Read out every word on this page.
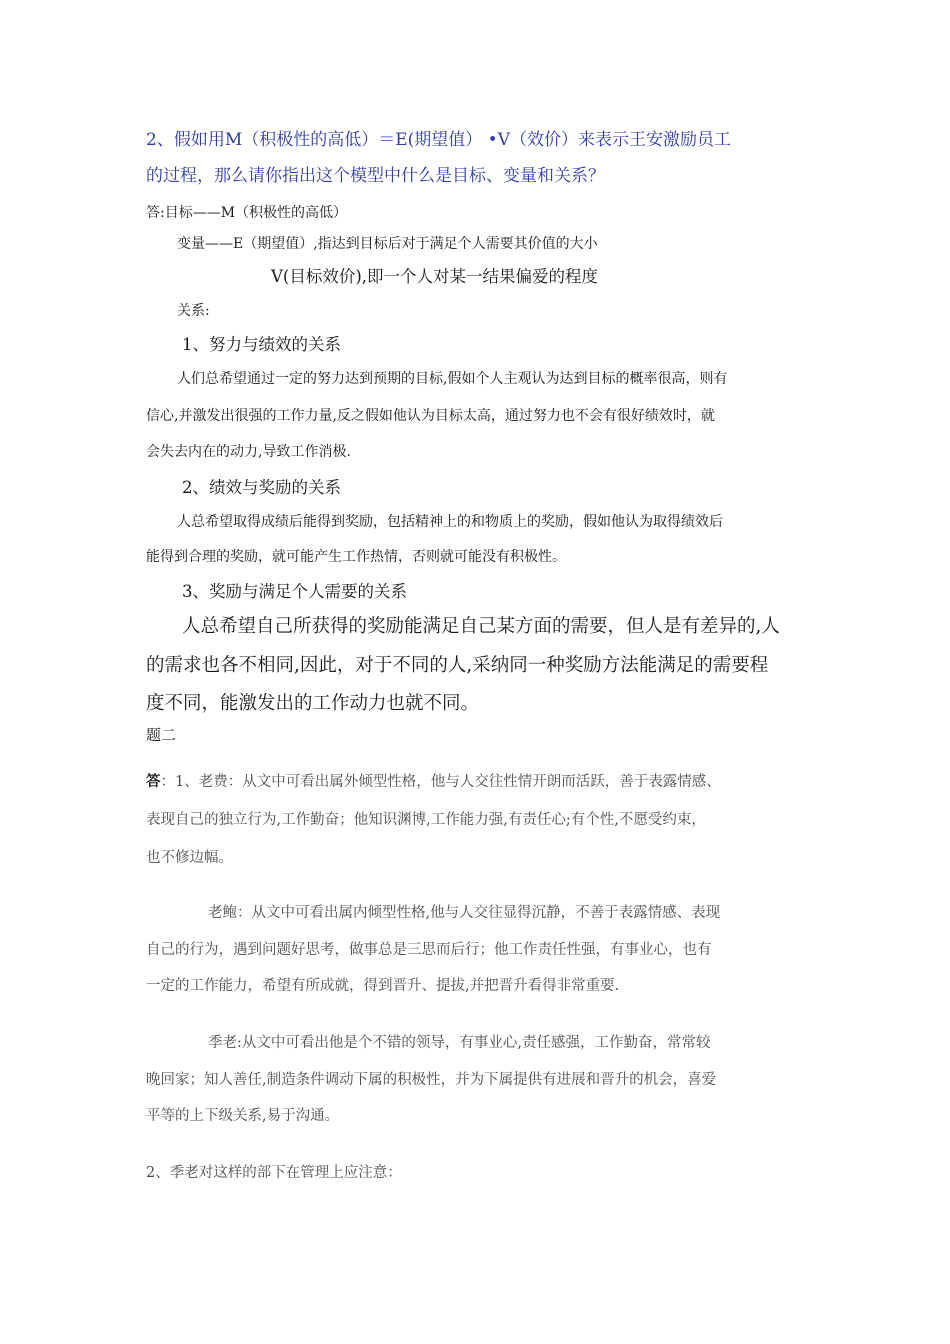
2、假如用M（积极性的高低）＝E(期望值） •V（效价）来表示王安激励员工

的过程，那么请你指出这个模型中什么是目标、变量和关系？

答:目标——M（积极性的高低）

变量——E（期望值）,指达到目标后对于满足个人需要其价值的大小

V(目标效价),即一个人对某一结果偏爱的程度

关系:

1、努力与绩效的关系

人们总希望通过一定的努力达到预期的目标,假如个人主观认为达到目标的概率很高，则有

信心,并激发出很强的工作力量,反之假如他认为目标太高，通过努力也不会有很好绩效时，就

会失去内在的动力,导致工作消极.

2、绩效与奖励的关系

人总希望取得成绩后能得到奖励，包括精神上的和物质上的奖励，假如他认为取得绩效后

能得到合理的奖励，就可能产生工作热情，否则就可能没有积极性。

3、奖励与满足个人需要的关系

人总希望自己所获得的奖励能满足自己某方面的需要，但人是有差异的,人

的需求也各不相同,因此，对于不同的人,采纳同一种奖励方法能满足的需要程

度不同，能激发出的工作动力也就不同。

题二

答：1、老费：从文中可看出属外倾型性格，他与人交往性情开朗而活跃，善于表露情感、

表现自己的独立行为,工作勤奋；他知识渊博,工作能力强,有责任心;有个性,不愿受约束，

也不修边幅。

老鲍：从文中可看出属内倾型性格,他与人交往显得沉静，不善于表露情感、表现

自己的行为，遇到问题好思考，做事总是三思而后行；他工作责任性强，有事业心，也有

一定的工作能力，希望有所成就，得到晋升、提拔,并把晋升看得非常重要.

季老:从文中可看出他是个不错的领导，有事业心,责任感强，工作勤奋，常常较

晚回家；知人善任,制造条件调动下属的积极性，并为下属提供有进展和晋升的机会，喜爱

平等的上下级关系,易于沟通。

2、季老对这样的部下在管理上应注意：
